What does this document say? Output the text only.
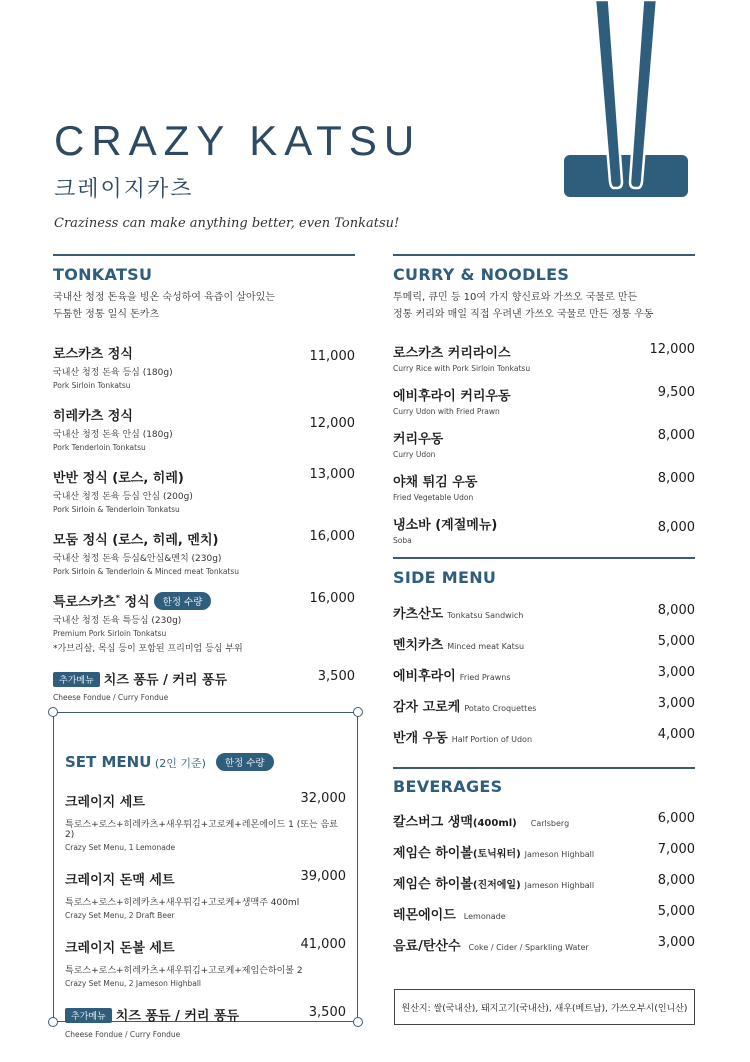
CRAZY KATSU
크레이지카츠
Craziness can make anything better, even Tonkatsu!
TONKATSU
국내산 청정 돈육을 빙온 숙성하여 육즙이 살아있는
두툼한 정통 일식 돈카츠
11,000
로스카츠 정식
국내산 청정 돈육 등심 (180g)
Pork Sirloin Tonkatsu
12,000
히레카츠 정식
국내산 청정 돈육 안심 (180g)
Pork Tenderloin Tonkatsu
13,000
반반 정식 (로스, 히레)
국내산 청정 돈육 등심 안심 (200g)
Pork Sirloin & Tenderloin Tonkatsu
16,000
모둠 정식 (로스, 히레, 멘치)
국내산 청정 돈육 등심&안심&멘치 (230g)
Pork Sirloin & Tenderloin & Minced meat Tonkatsu
16,000
특로스카츠* 정식 한정 수량
국내산 청정 돈육 특등심 (230g)
Premium Pork Sirloin Tonkatsu
*가브리살, 목심 등이 포함된 프리미엄 등심 부위
3,500
추가메뉴 치즈 퐁듀 / 커리 퐁듀
Cheese Fondue / Curry Fondue
SET MENU (2인 기준) 한정 수량
32,000
크레이지 세트
특로스+로스+히레카츠+새우튀김+고로케+레몬에이드 1 (또는 음료 2)
Crazy Set Menu, 1 Lemonade
39,000
크레이지 돈맥 세트
특로스+로스+히레카츠+새우튀김+고로케+생맥주 400ml
Crazy Set Menu, 2 Draft Beer
41,000
크레이지 돈볼 세트
특로스+로스+히레카츠+새우튀김+고로케+제임슨하이볼 2
Crazy Set Menu, 2 Jameson Highball
3,500
추가메뉴 치즈 퐁듀 / 커리 퐁듀
Cheese Fondue / Curry Fondue
CURRY & NOODLES
투메릭, 큐민 등 10여 가지 향신료와 가쓰오 국물로 만든
정통 커리와 매일 직접 우려낸 가쓰오 국물로 만든 정통 우동
12,000
로스카츠 커리라이스
Curry Rice with Pork Sirloin Tonkatsu
9,500
에비후라이 커리우동
Curry Udon with Fried Prawn
8,000
커리우동
Curry Udon
8,000
야채 튀김 우동
Fried Vegetable Udon
8,000
냉소바 (계절메뉴)
Soba
SIDE MENU
8,000
카츠산도 Tonkatsu Sandwich
5,000
멘치카츠 Minced meat Katsu
3,000
에비후라이 Fried Prawns
3,000
감자 고로케 Potato Croquettes
4,000
반개 우동 Half Portion of Udon
BEVERAGES
6,000
칼스버그 생맥(400ml) Carlsberg
7,000
제임슨 하이볼(토닉워터) Jameson Highball
8,000
제임슨 하이볼(진저에일) Jameson Highball
5,000
레몬에이드 Lemonade
3,000
음료/탄산수 Coke / Cider / Sparkling Water
원산지: 쌀(국내산), 돼지고기(국내산), 새우(베트남), 가쓰오부시(인니산)
